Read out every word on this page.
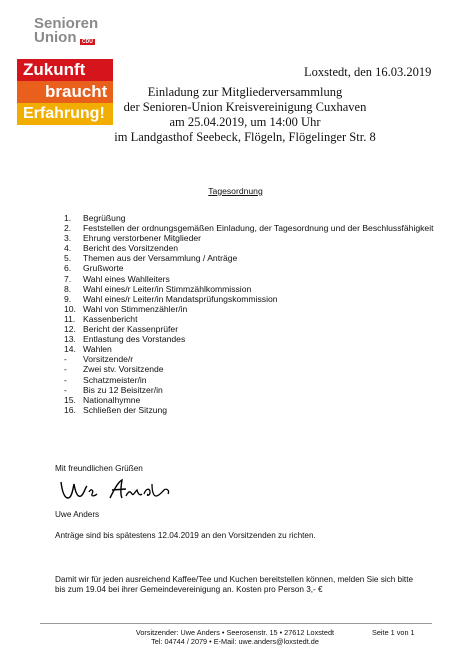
Senioren
Union	CDU
Zukunft
braucht
Erfahrung!
Loxstedt, den 16.03.2019
Einladung zur Mitgliederversammlung
der Senioren-Union Kreisvereinigung Cuxhaven
am 25.04.2019, um 14:00 Uhr
im Landgasthof Seebeck, Flögeln, Flögelinger Str. 8
Tagesordnung
1. Begrüßung
2. Feststellen der ordnungsgemäßen Einladung, der Tagesordnung und der Beschlussfähigkeit
3. Ehrung verstorbener Mitglieder
4. Bericht des Vorsitzenden
5. Themen aus der Versammlung / Anträge
6. Grußworte
7. Wahl eines Wahlleiters
8. Wahl eines/r Leiter/in Stimmzählkommission
9. Wahl eines/r Leiter/in Mandatsprüfungskommission
10. Wahl von Stimmenzähler/in
11. Kassenbericht
12. Bericht der Kassenprüfer
13. Entlastung des Vorstandes
14. Wahlen
- Vorsitzende/r
- Zwei stv. Vorsitzende
- Schatzmeister/in
- Bis zu 12 Beisitzer/in
15. Nationalhymne
16. Schließen der Sitzung
Mit freundlichen Grüßen
Uwe Anders
Anträge sind bis spätestens 12.04.2019 an den Vorsitzenden zu richten.
Damit wir für jeden ausreichend Kaffee/Tee und Kuchen bereitstellen können, melden Sie sich bitte
bis zum 19.04 bei ihrer Gemeindevereinigung an. Kosten pro Person 3,- €
Vorsitzender: Uwe Anders • Seerosenstr. 15 • 27612 Loxstedt
Tel: 04744 / 2079 • E-Mail: uwe.anders@loxstedt.de
Seite 1 von 1
